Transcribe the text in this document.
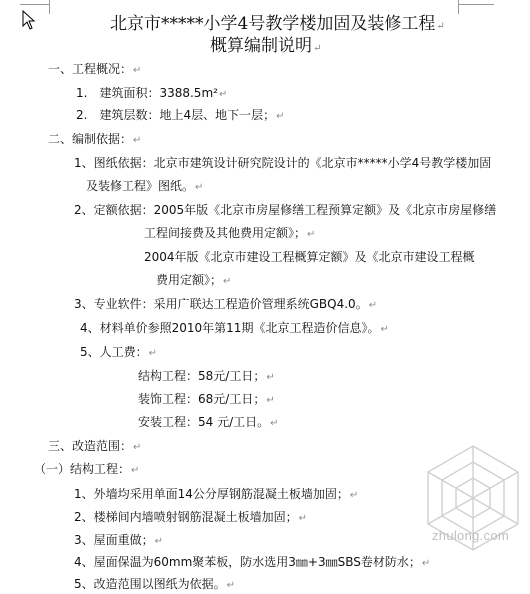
北京市*****小学4号教学楼加固及装修工程↵
概算编制说明↵
一、工程概况：↵
1.　建筑面积：3388.5m²↵
2.　建筑层数：地上4层、地下一层；↵
二、编制依据：↵
1、图纸依据：北京市建筑设计研究院设计的《北京市*****小学4号教学楼加固
及装修工程》图纸。↵
2、定额依据：2005年版《北京市房屋修缮工程预算定额》及《北京市房屋修缮
工程间接费及其他费用定额》；↵
2004年版《北京市建设工程概算定额》及《北京市建设工程概
费用定额》；↵
3、专业软件：采用广联达工程造价管理系统GBQ4.0。↵
4、材料单价参照2010年第11期《北京工程造价信息》。↵
5、人工费：↵
结构工程：58元/工日；↵
装饰工程：68元/工日；↵
安装工程：54 元/工日。↵
三、改造范围：↵
（一）结构工程：↵
1、外墙均采用单面14公分厚钢筋混凝土板墙加固；↵
2、楼梯间内墙喷射钢筋混凝土板墙加固；↵
3、屋面重做；↵
4、屋面保温为60mm聚苯板，防水选用3㎜+3㎜SBS卷材防水；↵
5、改造范围以图纸为依据。↵
zhulong.com
